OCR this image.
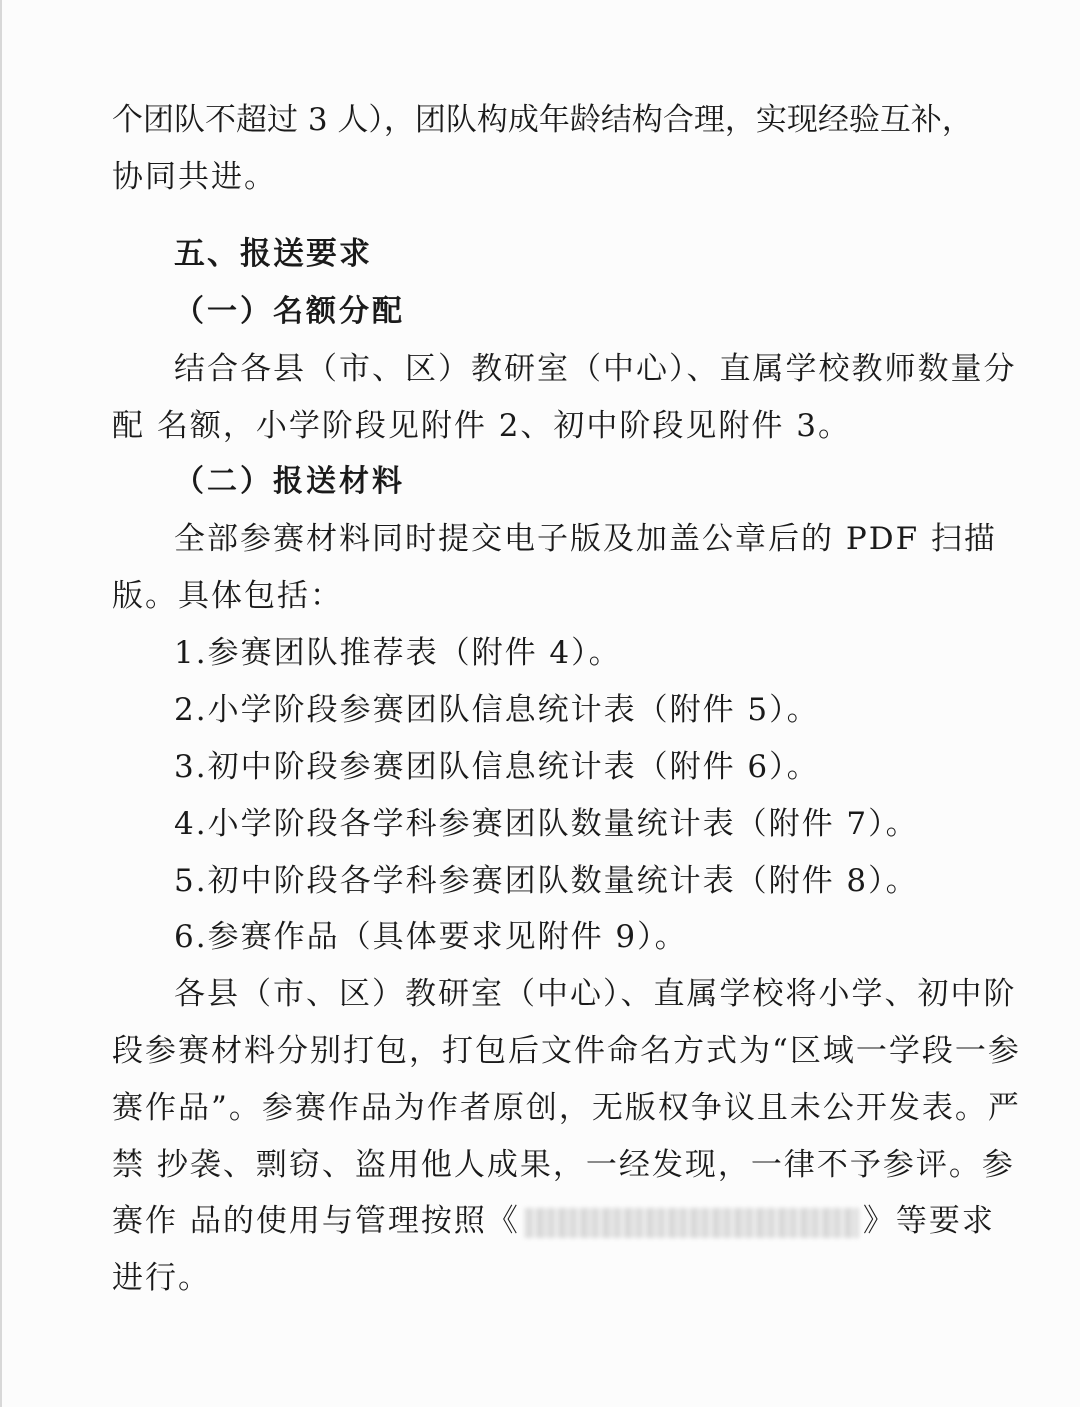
个团队不超过 3 人），团队构成年龄结构合理，实现经验互补，
协同共进。
五、报送要求
（一）名额分配
结合各县（市、区）教研室（中心）、直属学校教师数量分
配 名额，小学阶段见附件 2、初中阶段见附件 3。
（二）报送材料
全部参赛材料同时提交电子版及加盖公章后的 PDF 扫描
版。具体包括：
1.参赛团队推荐表（附件 4）。
2.小学阶段参赛团队信息统计表（附件 5）。
3.初中阶段参赛团队信息统计表（附件 6）。
4.小学阶段各学科参赛团队数量统计表（附件 7）。
5.初中阶段各学科参赛团队数量统计表（附件 8）。
6.参赛作品（具体要求见附件 9）。
各县（市、区）教研室（中心）、直属学校将小学、初中阶
段参赛材料分别打包，打包后文件命名方式为“区域一学段一参
赛作品”。参赛作品为作者原创，无版权争议且未公开发表。严
禁 抄袭、剽窃、盗用他人成果，一经发现，一律不予参评。参
赛作 品的使用与管理按照《	》等要求
进行。
